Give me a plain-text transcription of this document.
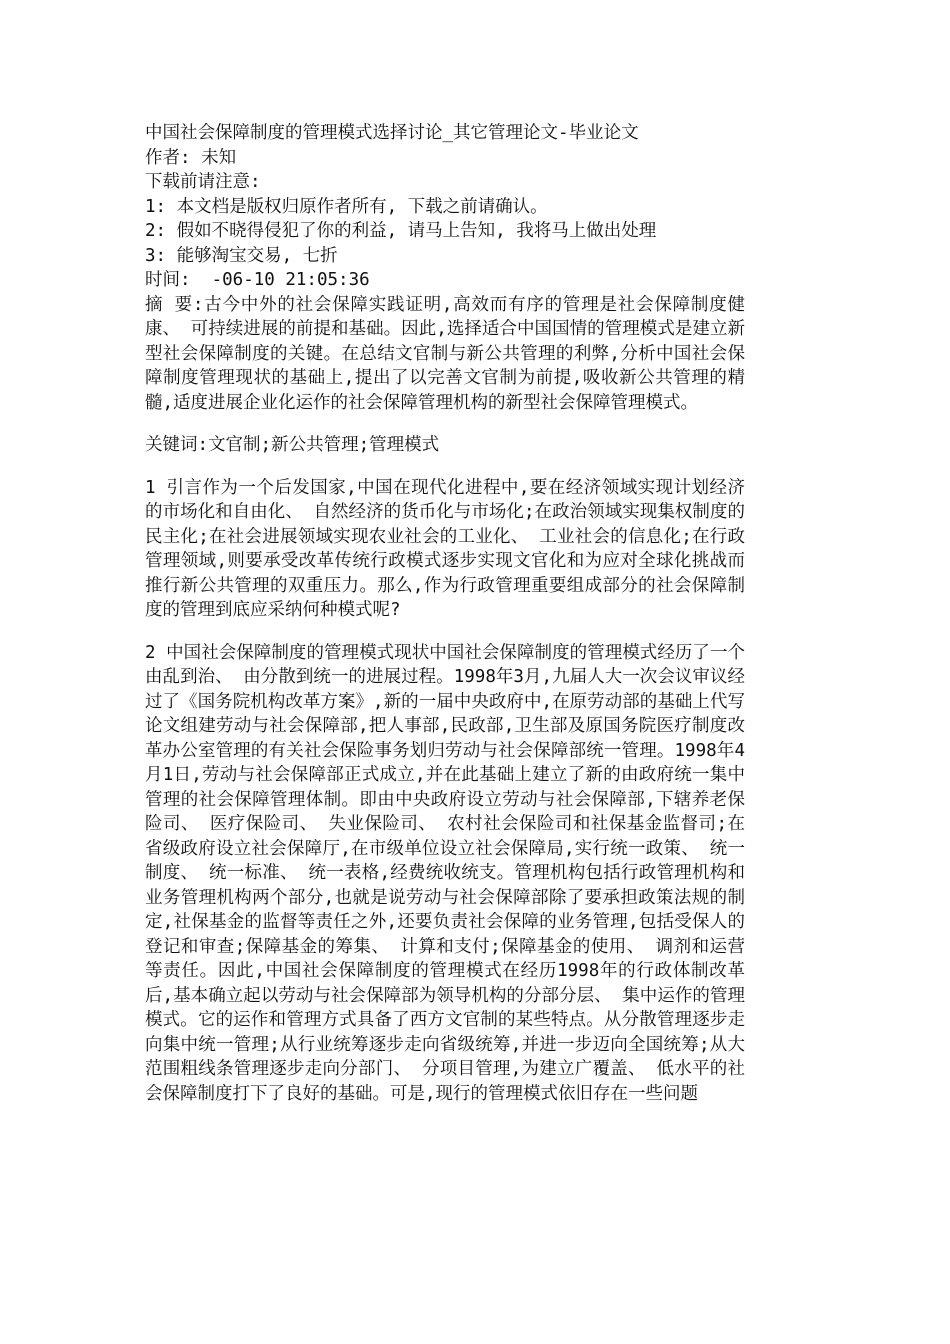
中国社会保障制度的管理模式选择讨论_其它管理论文-毕业论文
作者: 未知
下载前请注意:
1: 本文档是版权归原作者所有, 下载之前请确认。
2: 假如不晓得侵犯了你的利益, 请马上告知, 我将马上做出处理
3: 能够淘宝交易, 七折
时间:  -06-10 21:05:36
摘 要:古今中外的社会保障实践证明,高效而有序的管理是社会保障制度健康、 可持续进展的前提和基础。因此,选择适合中国国情的管理模式是建立新型社会保障制度的关键。在总结文官制与新公共管理的利弊,分析中国社会保障制度管理现状的基础上,提出了以完善文官制为前提,吸收新公共管理的精髓,适度进展企业化运作的社会保障管理机构的新型社会保障管理模式。
关键词:文官制;新公共管理;管理模式
1 引言作为一个后发国家,中国在现代化进程中,要在经济领域实现计划经济的市场化和自由化、 自然经济的货币化与市场化;在政治领域实现集权制度的民主化;在社会进展领域实现农业社会的工业化、 工业社会的信息化;在行政管理领域,则要承受改革传统行政模式逐步实现文官化和为应对全球化挑战而推行新公共管理的双重压力。那么,作为行政管理重要组成部分的社会保障制度的管理到底应采纳何种模式呢?
2 中国社会保障制度的管理模式现状中国社会保障制度的管理模式经历了一个由乱到治、 由分散到统一的进展过程。1998年3月,九届人大一次会议审议经过了《国务院机构改革方案》,新的一届中央政府中,在原劳动部的基础上代写论文组建劳动与社会保障部,把人事部,民政部,卫生部及原国务院医疗制度改革办公室管理的有关社会保险事务划归劳动与社会保障部统一管理。1998年4月1日,劳动与社会保障部正式成立,并在此基础上建立了新的由政府统一集中管理的社会保障管理体制。即由中央政府设立劳动与社会保障部,下辖养老保险司、 医疗保险司、 失业保险司、 农村社会保险司和社保基金监督司;在省级政府设立社会保障厅,在市级单位设立社会保障局,实行统一政策、 统一制度、 统一标准、 统一表格,经费统收统支。管理机构包括行政管理机构和业务管理机构两个部分,也就是说劳动与社会保障部除了要承担政策法规的制定,社保基金的监督等责任之外,还要负责社会保障的业务管理,包括受保人的登记和审查;保障基金的筹集、 计算和支付;保障基金的使用、 调剂和运营等责任。因此,中国社会保障制度的管理模式在经历1998年的行政体制改革后,基本确立起以劳动与社会保障部为领导机构的分部分层、 集中运作的管理模式。它的运作和管理方式具备了西方文官制的某些特点。从分散管理逐步走向集中统一管理;从行业统筹逐步走向省级统筹,并进一步迈向全国统筹;从大范围粗线条管理逐步走向分部门、 分项目管理,为建立广覆盖、 低水平的社会保障制度打下了良好的基础。可是,现行的管理模式依旧存在一些问题
